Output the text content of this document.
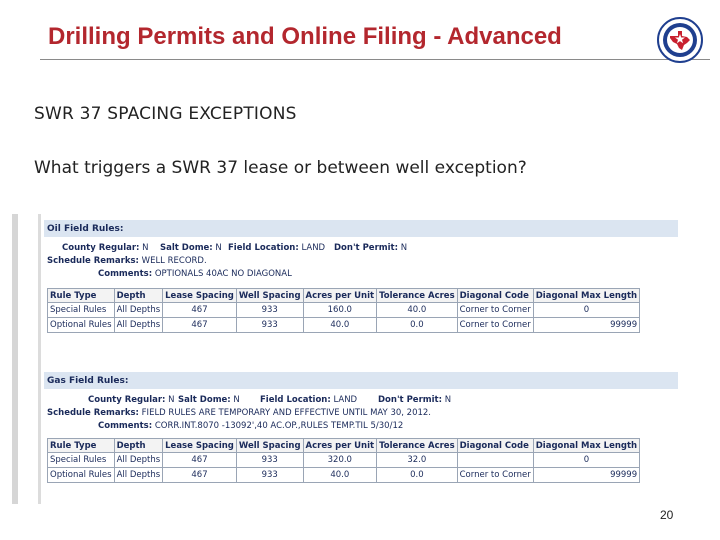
Drilling Permits and Online Filing - Advanced
SWR 37 SPACING EXCEPTIONS
What triggers a SWR 37 lease or between well exception?
Oil Field Rules:
County Regular: N Salt Dome: N Field Location: LAND Don't Permit: N
Schedule Remarks: WELL RECORD.
Comments: OPTIONALS 40AC NO DIAGONAL
Rule Type	Depth	Lease Spacing	Well Spacing	Acres per Unit	Tolerance Acres	Diagonal Code	Diagonal Max Length
Special Rules	All Depths	467	933	160.0	40.0	Corner to Corner	0
Optional Rules	All Depths	467	933	40.0	0.0	Corner to Corner	99999
Gas Field Rules:
County Regular: N Salt Dome: N Field Location: LAND Don't Permit: N
Schedule Remarks: FIELD RULES ARE TEMPORARY AND EFFECTIVE UNTIL MAY 30, 2012.
Comments: CORR.INT.8070 -13092',40 AC.OP.,RULES TEMP.TIL 5/30/12
Rule Type	Depth	Lease Spacing	Well Spacing	Acres per Unit	Tolerance Acres	Diagonal Code	Diagonal Max Length
Special Rules	All Depths	467	933	320.0	32.0		0
Optional Rules	All Depths	467	933	40.0	0.0	Corner to Corner	99999
20
